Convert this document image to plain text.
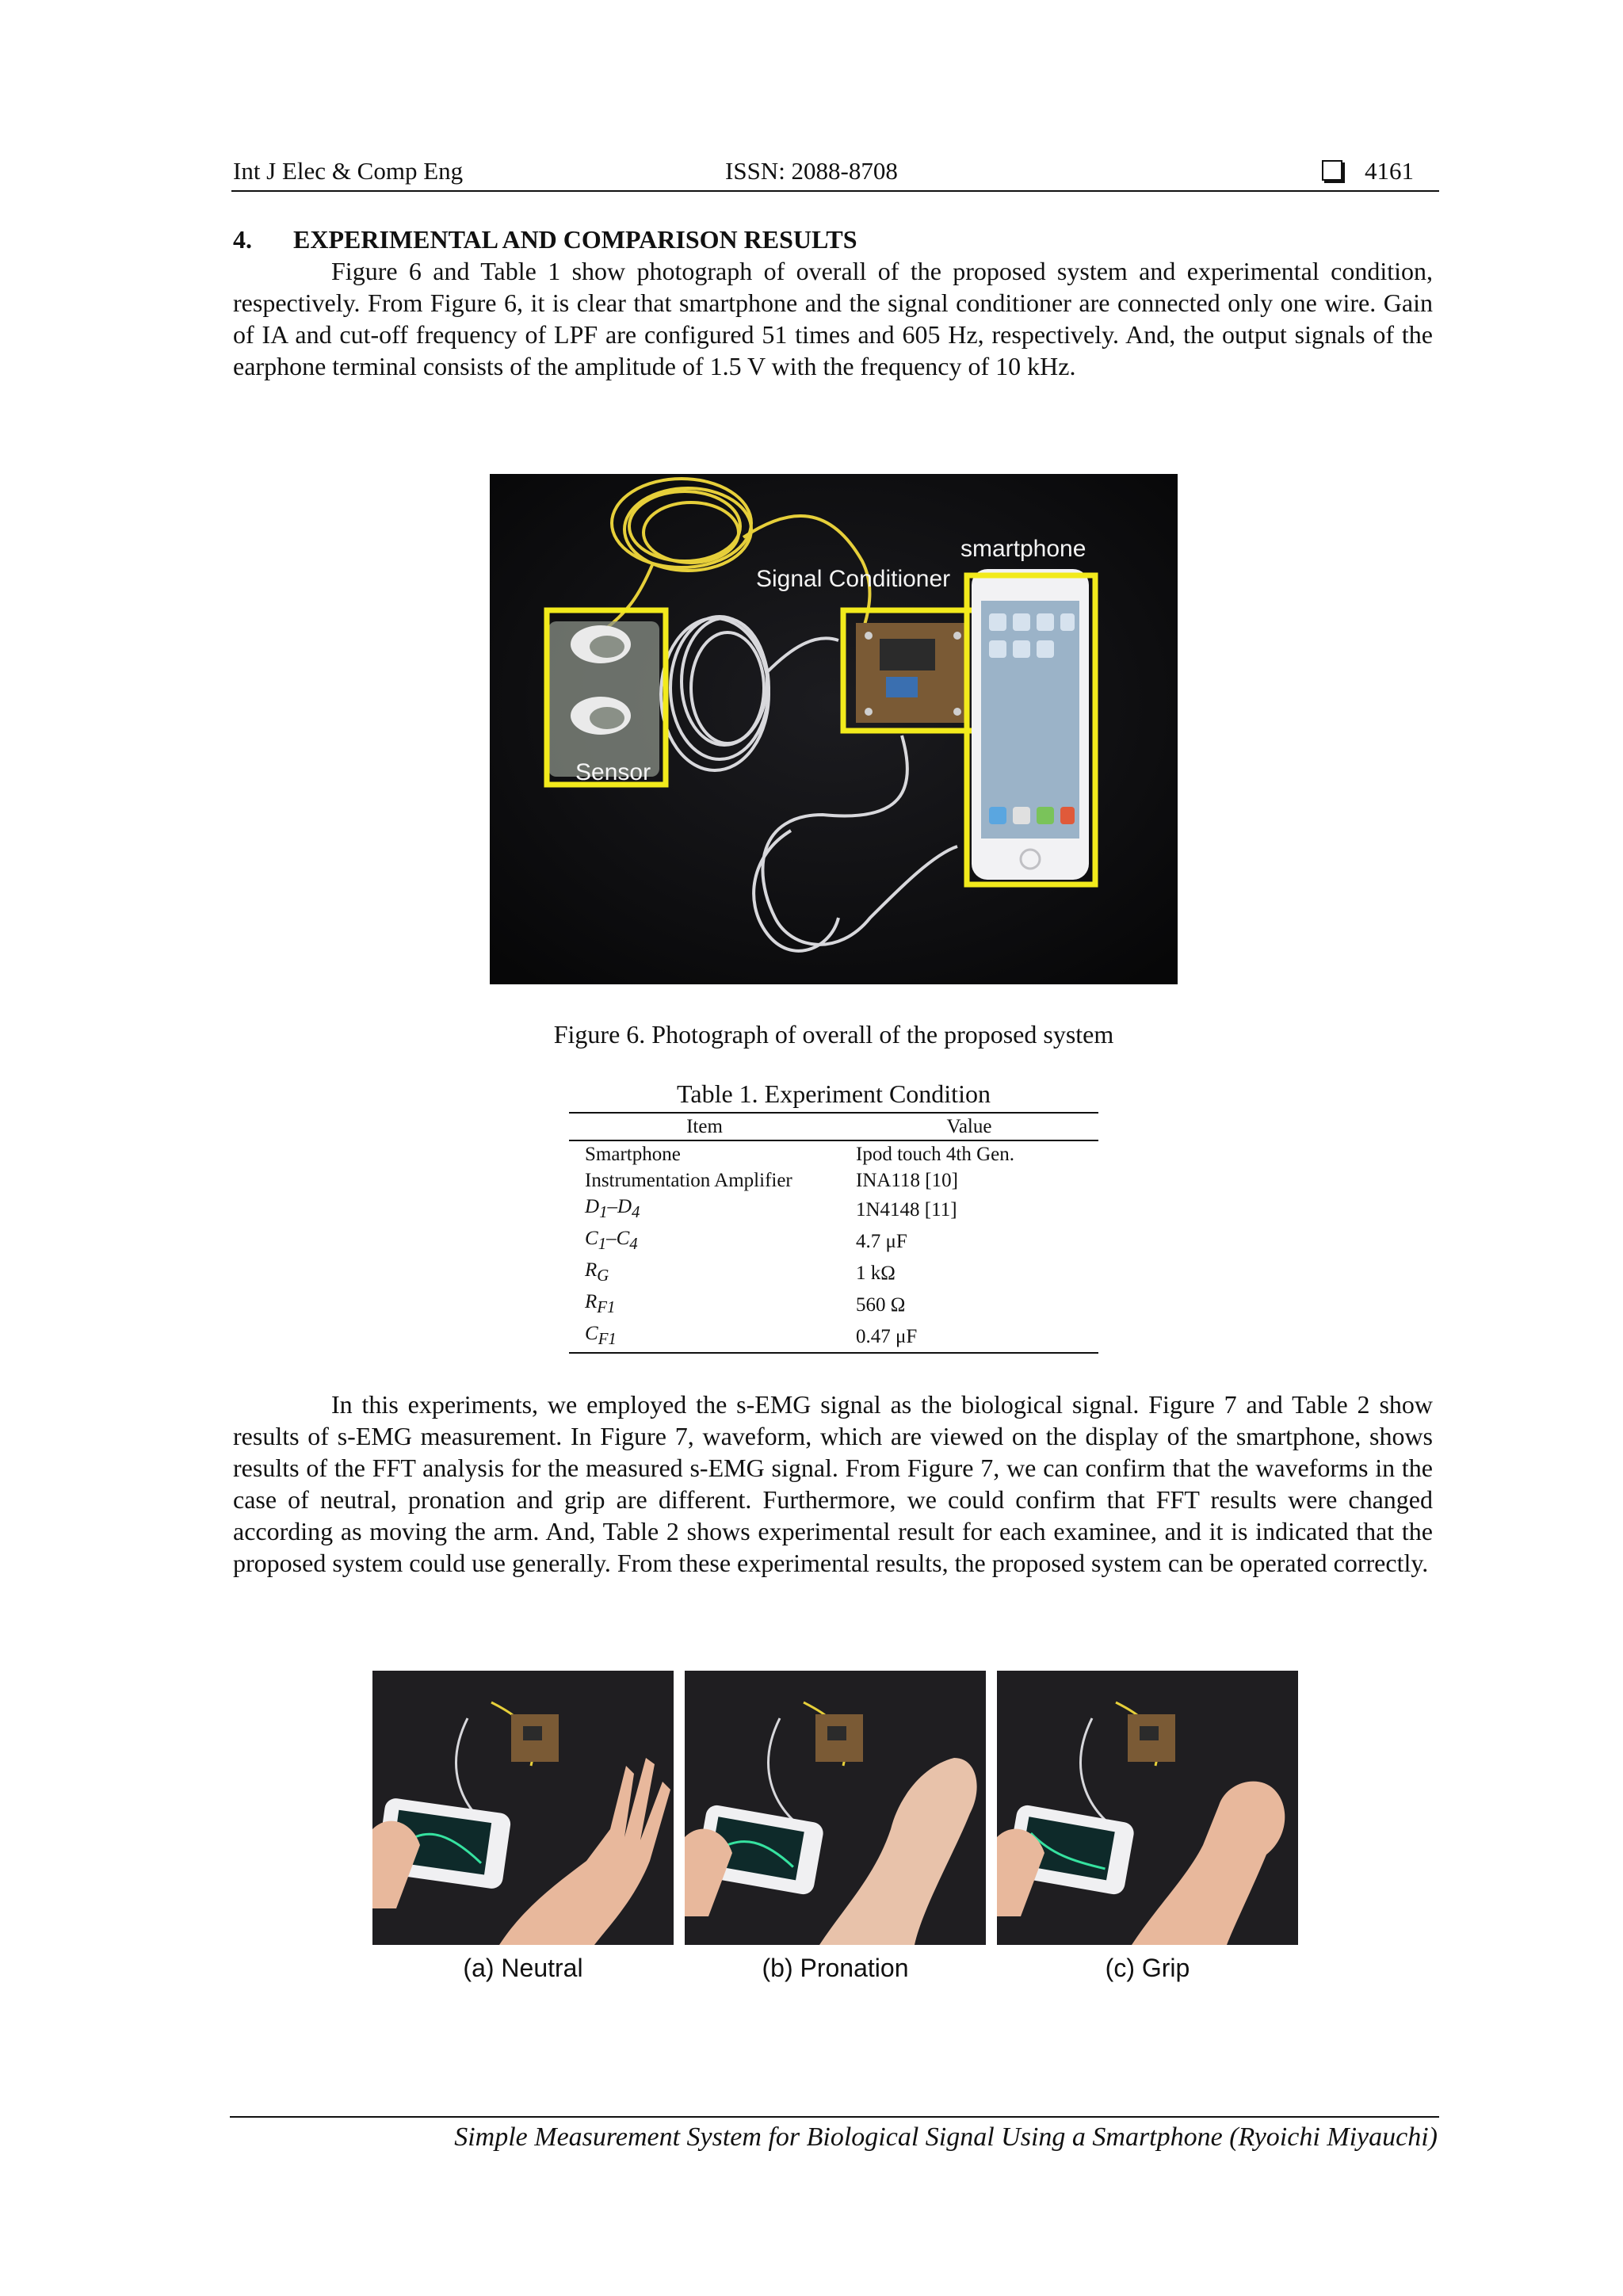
Int J Elec & Comp Eng	ISSN: 2088-8708	4161
4. EXPERIMENTAL AND COMPARISON RESULTS
Figure 6 and Table 1 show photograph of overall of the proposed system and experimental condition, respectively. From Figure 6, it is clear that smartphone and the signal conditioner are connected only one wire. Gain of IA and cut-off frequency of LPF are configured 51 times and 605 Hz, respectively. And, the output signals of the earphone terminal consists of the amplitude of 1.5 V with the frequency of 10 kHz.
smartphone
Signal Conditioner
Sensor
Figure 6. Photograph of overall of the proposed system
Table 1. Experiment Condition
Item	Value
Smartphone	Ipod touch 4th Gen.
Instrumentation Amplifier	INA118 [10]
$D_1-D_4$	1N4148 [11]
$C_1-C_4$	4.7 μF
$R_G$	1 kΩ
$R_{F1}$	560 Ω
$C_{F1}$	0.47 μF
In this experiments, we employed the s-EMG signal as the biological signal. Figure 7 and Table 2 show results of s-EMG measurement. In Figure 7, waveform, which are viewed on the display of the smartphone, shows results of the FFT analysis for the measured s-EMG signal. From Figure 7, we can confirm that the waveforms in the case of neutral, pronation and grip are different. Furthermore, we could confirm that FFT results were changed according as moving the arm. And, Table 2 shows experimental result for each examinee, and it is indicated that the proposed system could use generally. From these experimental results, the proposed system can be operated correctly.
(a) Neutral	(b) Pronation	(c) Grip
Simple Measurement System for Biological Signal Using a Smartphone (Ryoichi Miyauchi)
